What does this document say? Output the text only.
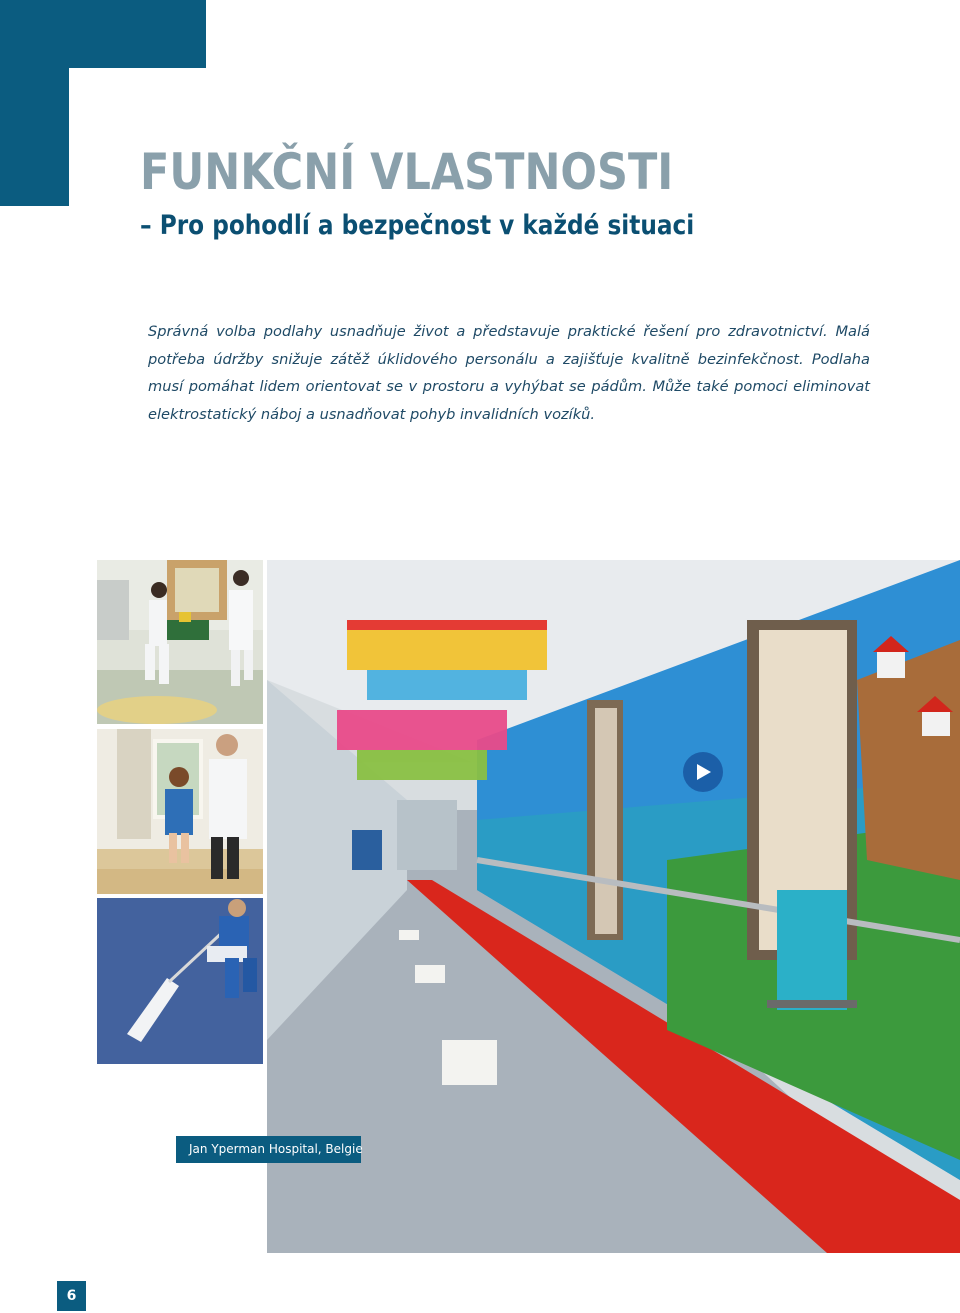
FUNKČNÍ VLASTNOSTI
– Pro pohodlí a bezpečnost v každé situaci

Správná volba podlahy usnadňuje život a představuje praktické řešení pro zdravotnictví. Malá potřeba údržby snižuje zátěž úklidového personálu a zajišťuje kvalitně bezinfekčnost. Podlaha musí pomáhat lidem orientovat se v prostoru a vyhýbat se pádům. Může také pomoci eliminovat elektrostatický náboj a usnadňovat pohyb invalidních vozíků.

Jan Yperman Hospital, Belgie
6
